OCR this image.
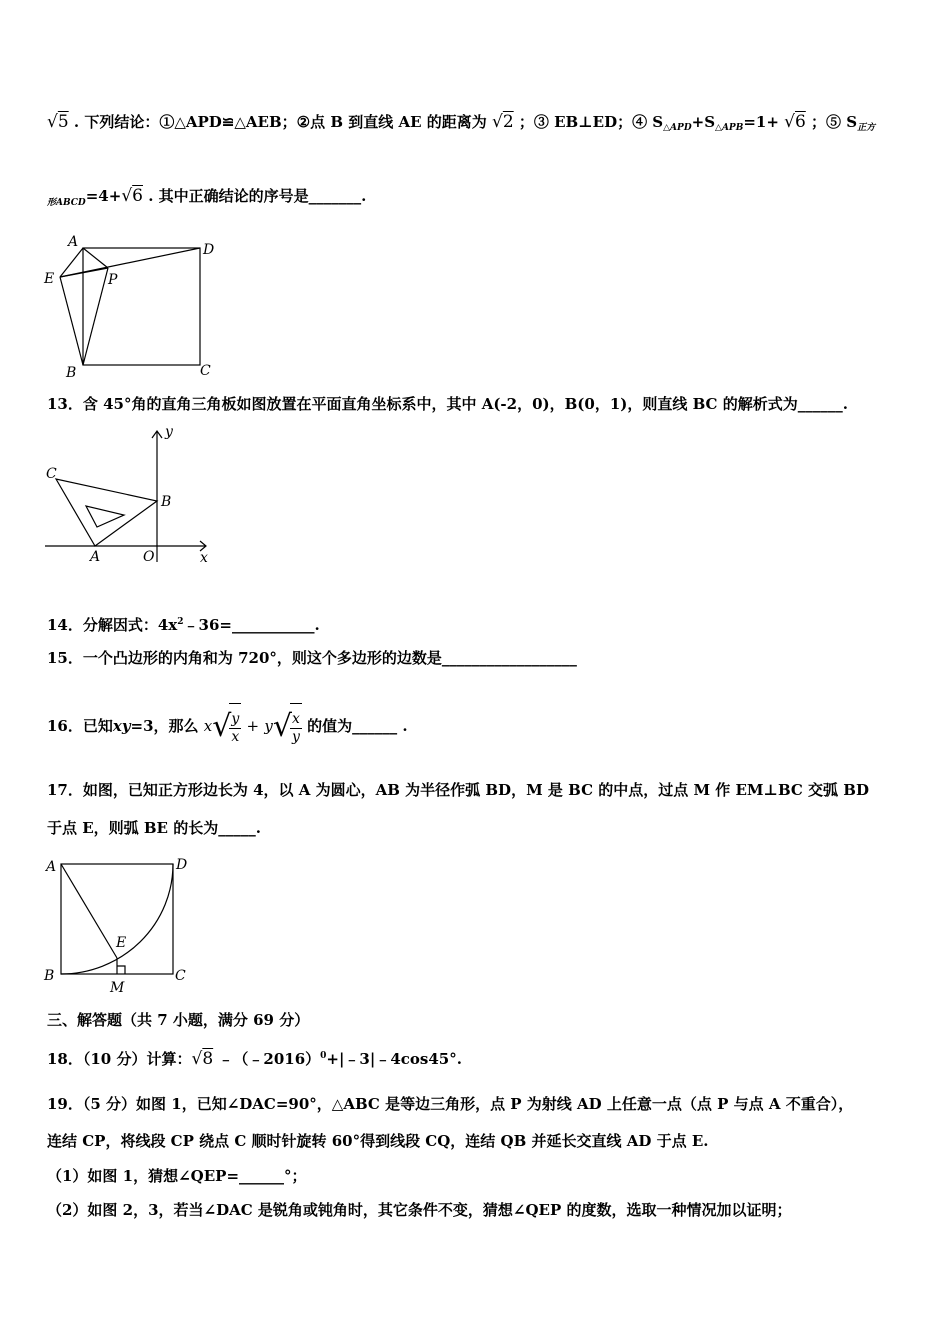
√5 . 下列结论：①△APD≌△AEB；②点 B 到直线 AE 的距离为 √2 ；③ EB⊥ED；④ $S_{\triangle APD}+S_{\triangle APB}=1+ √6$ ；⑤ $S_{正方}$
$_{形ABCD}$=4+√6 . 其中正确结论的序号是_______.
A	D
E	P
B	C
13．含 45°角的直角三角板如图放置在平面直角坐标系中，其中 A(-2，0)，B(0，1)，则直线 BC 的解析式为______.
y
C
B
A	O	x
14．分解因式：$4x^2﹣36=\_\_\_\_\_\_\_\_\_\_\_$.
15．一个凸边形的内角和为 720°，则这个多边形的边数是__________________
16．已知xy=3，那么 x√
$\frac{y}{x} + y√$
$\frac{x}{y}$ 的值为______ .
17．如图，已知正方形边长为 4，以 A 为圆心，AB 为半径作弧 BD，M 是 BC 的中点，过点 M 作 EM⊥BC 交弧 BD
于点 E，则弧 BE 的长为_____.
A	D
E
B
M
C
三、解答题（共 7 小题，满分 69 分）
18．（10 分）计算：√8 ﹣（﹣2016）$^0$+|﹣3|﹣4cos45°.
19．（5 分）如图 1，已知∠DAC=90°，△ABC 是等边三角形，点 P 为射线 AD 上任意一点（点 P 与点 A 不重合），
连结 CP，将线段 CP 绕点 C 顺时针旋转 60°得到线段 CQ，连结 QB 并延长交直线 AD 于点 E.
（1）如图 1，猜想∠QEP=______°；
（2）如图 2，3，若当∠DAC 是锐角或钝角时，其它条件不变，猜想∠QEP 的度数，选取一种情况加以证明；
